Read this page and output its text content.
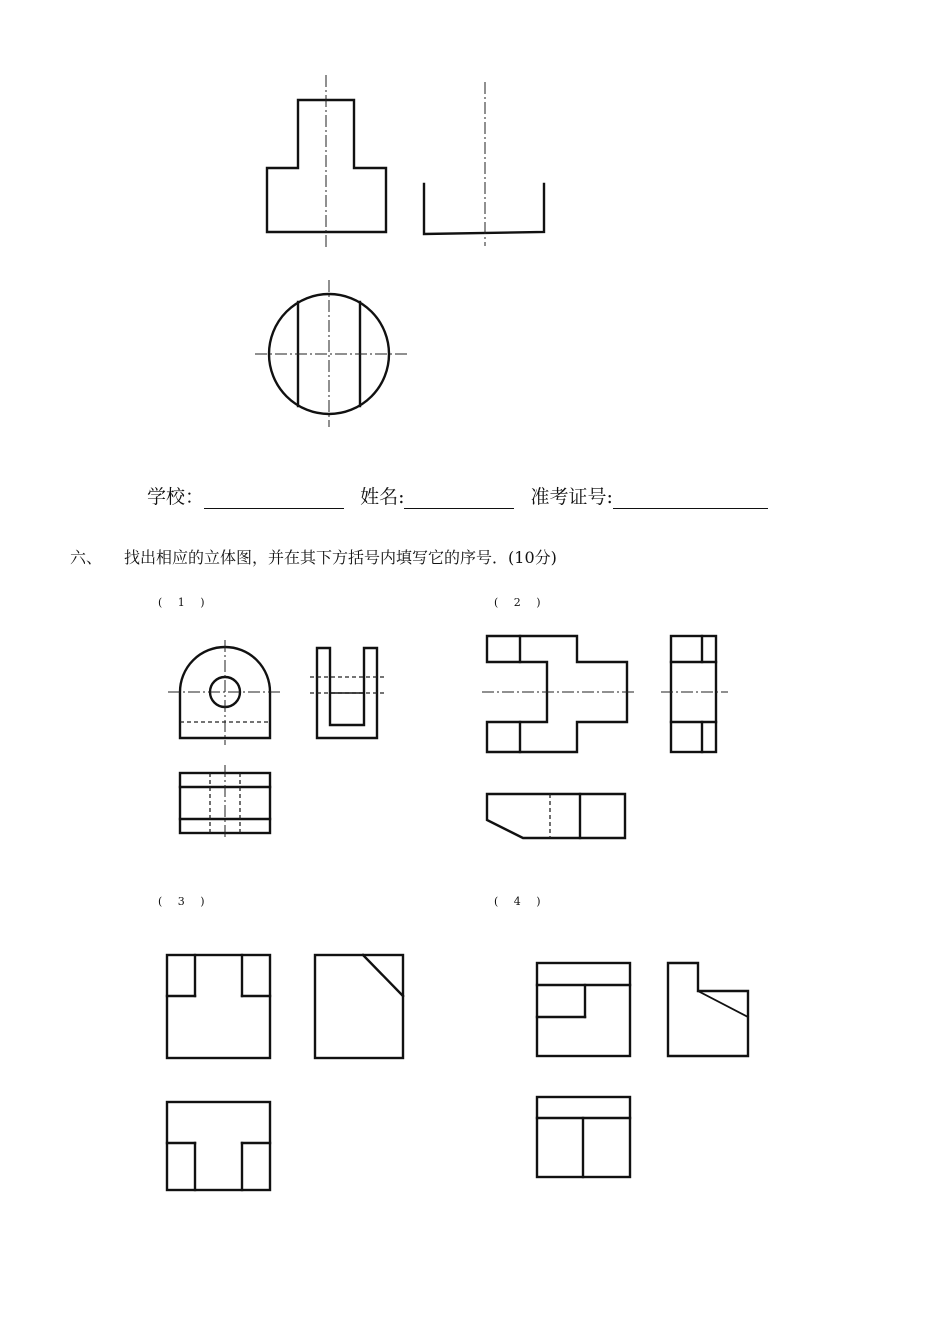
学校：	姓名:	准考证号:
六、 找出相应的立体图，并在其下方括号内填写它的序号．(10分)
( 1 )	( 2 )
( 3 )	( 4 )
